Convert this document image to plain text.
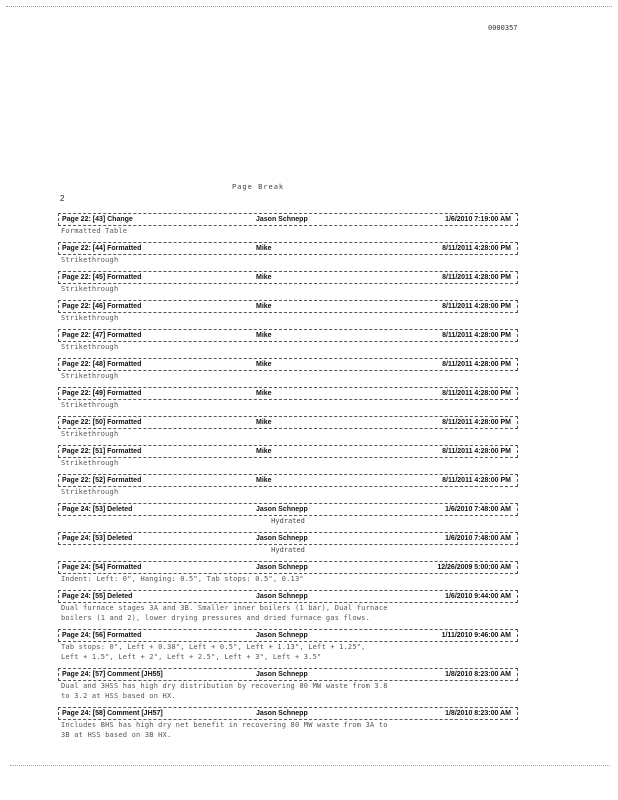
0000357
Page Break
2
Page 22: [43] Change	Jason Schnepp	1/6/2010 7:19:00 AM
Formatted Table
Page 22: [44] Formatted	Mike	8/11/2011 4:28:00 PM
Strikethrough
Page 22: [45] Formatted	Mike	8/11/2011 4:28:00 PM
Strikethrough
Page 22: [46] Formatted	Mike	8/11/2011 4:28:00 PM
Strikethrough
Page 22: [47] Formatted	Mike	8/11/2011 4:28:00 PM
Strikethrough
Page 22: [48] Formatted	Mike	8/11/2011 4:28:00 PM
Strikethrough
Page 22: [49] Formatted	Mike	8/11/2011 4:28:00 PM
Strikethrough
Page 22: [50] Formatted	Mike	8/11/2011 4:28:00 PM
Strikethrough
Page 22: [51] Formatted	Mike	8/11/2011 4:28:00 PM
Strikethrough
Page 22: [52] Formatted	Mike	8/11/2011 4:28:00 PM
Strikethrough
Page 24: [53] Deleted	Jason Schnepp	1/6/2010 7:48:00 AM
Hydrated
Page 24: [53] Deleted	Jason Schnepp	1/6/2010 7:48:00 AM
Hydrated
Page 24: [54] Formatted	Jason Schnepp	12/26/2009 5:00:00 AM
Indent: Left: 0", Hanging: 0.5", Tab stops: 0.5", 0.13"
Page 24: [55] Deleted	Jason Schnepp	1/6/2010 9:44:00 AM
Dual furnace stages 3A and 3B. Smaller inner boilers (1 bar), Dual furnace
boilers (1 and 2), lower drying pressures and dried furnace gas flows.
Page 24: [56] Formatted	Jason Schnepp	1/11/2010 9:46:00 AM
Tab stops: 0", Left + 0.38", Left + 0.5", Left + 1.13", Left + 1.25",
Left + 1.5", Left + 2", Left + 2.5", Left + 3", Left + 3.5"
Page 24: [57] Comment [JH55]	Jason Schnepp	1/8/2010 8:23:00 AM
Dual and 3HSS has high dry distribution by recovering 80 MW waste from 3.8
to 3.2 at HSS based on HX.
Page 24: [58] Comment [JH57]	Jason Schnepp	1/8/2010 8:23:00 AM
Includes BHS has high dry net benefit in recovering 80 MW waste from 3A to
3B at HSS based on 3B HX.
